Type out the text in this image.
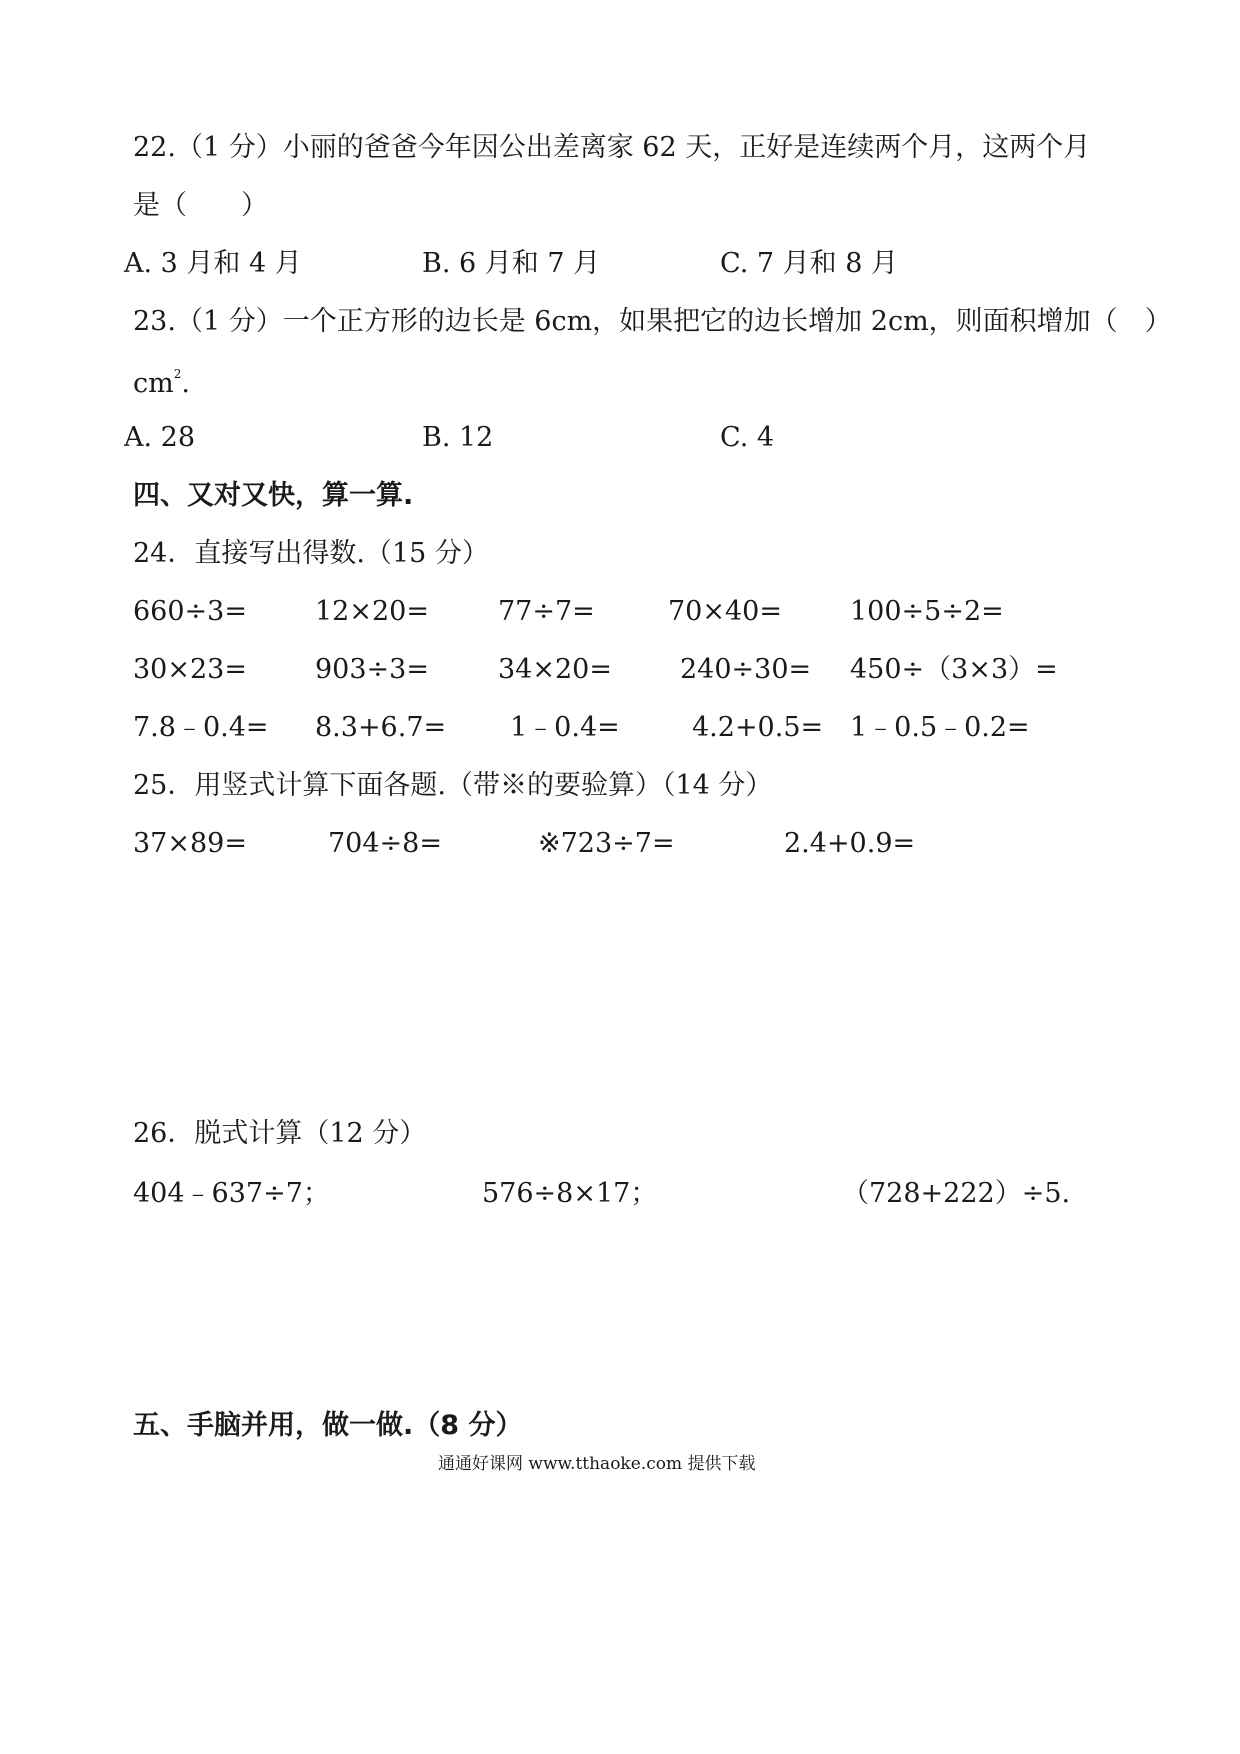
22.（1 分）小丽的爸爸今年因公出差离家 62 天，正好是连续两个月，这两个月
是（　　）
A. 3 月和 4 月	B. 6 月和 7 月	C. 7 月和 8 月
23.（1 分）一个正方形的边长是 6cm，如果把它的边长增加 2cm，则面积增加（　）
$cm^2$.
A. 28	B. 12	C. 4
四、又对又快，算一算.
24．直接写出得数.（15 分）
660÷3=	12×20=	77÷7=	70×40=	100÷5÷2=
30×23=	903÷3=	34×20=	240÷30= 450÷（3×3）=
7.8﹣0.4= 8.3+6.7= 1﹣0.4=	4.2+0.5= 1﹣0.5﹣0.2=
25．用竖式计算下面各题.（带※的要验算）（14 分）
37×89=	704÷8=	※723÷7=	2.4+0.9=
26．脱式计算（12 分）
404﹣637÷7；	576÷8×17；	（728+222）÷5.
五、手脑并用，做一做.（8 分）
通通好课网 www.tthaoke.com 提供下载
